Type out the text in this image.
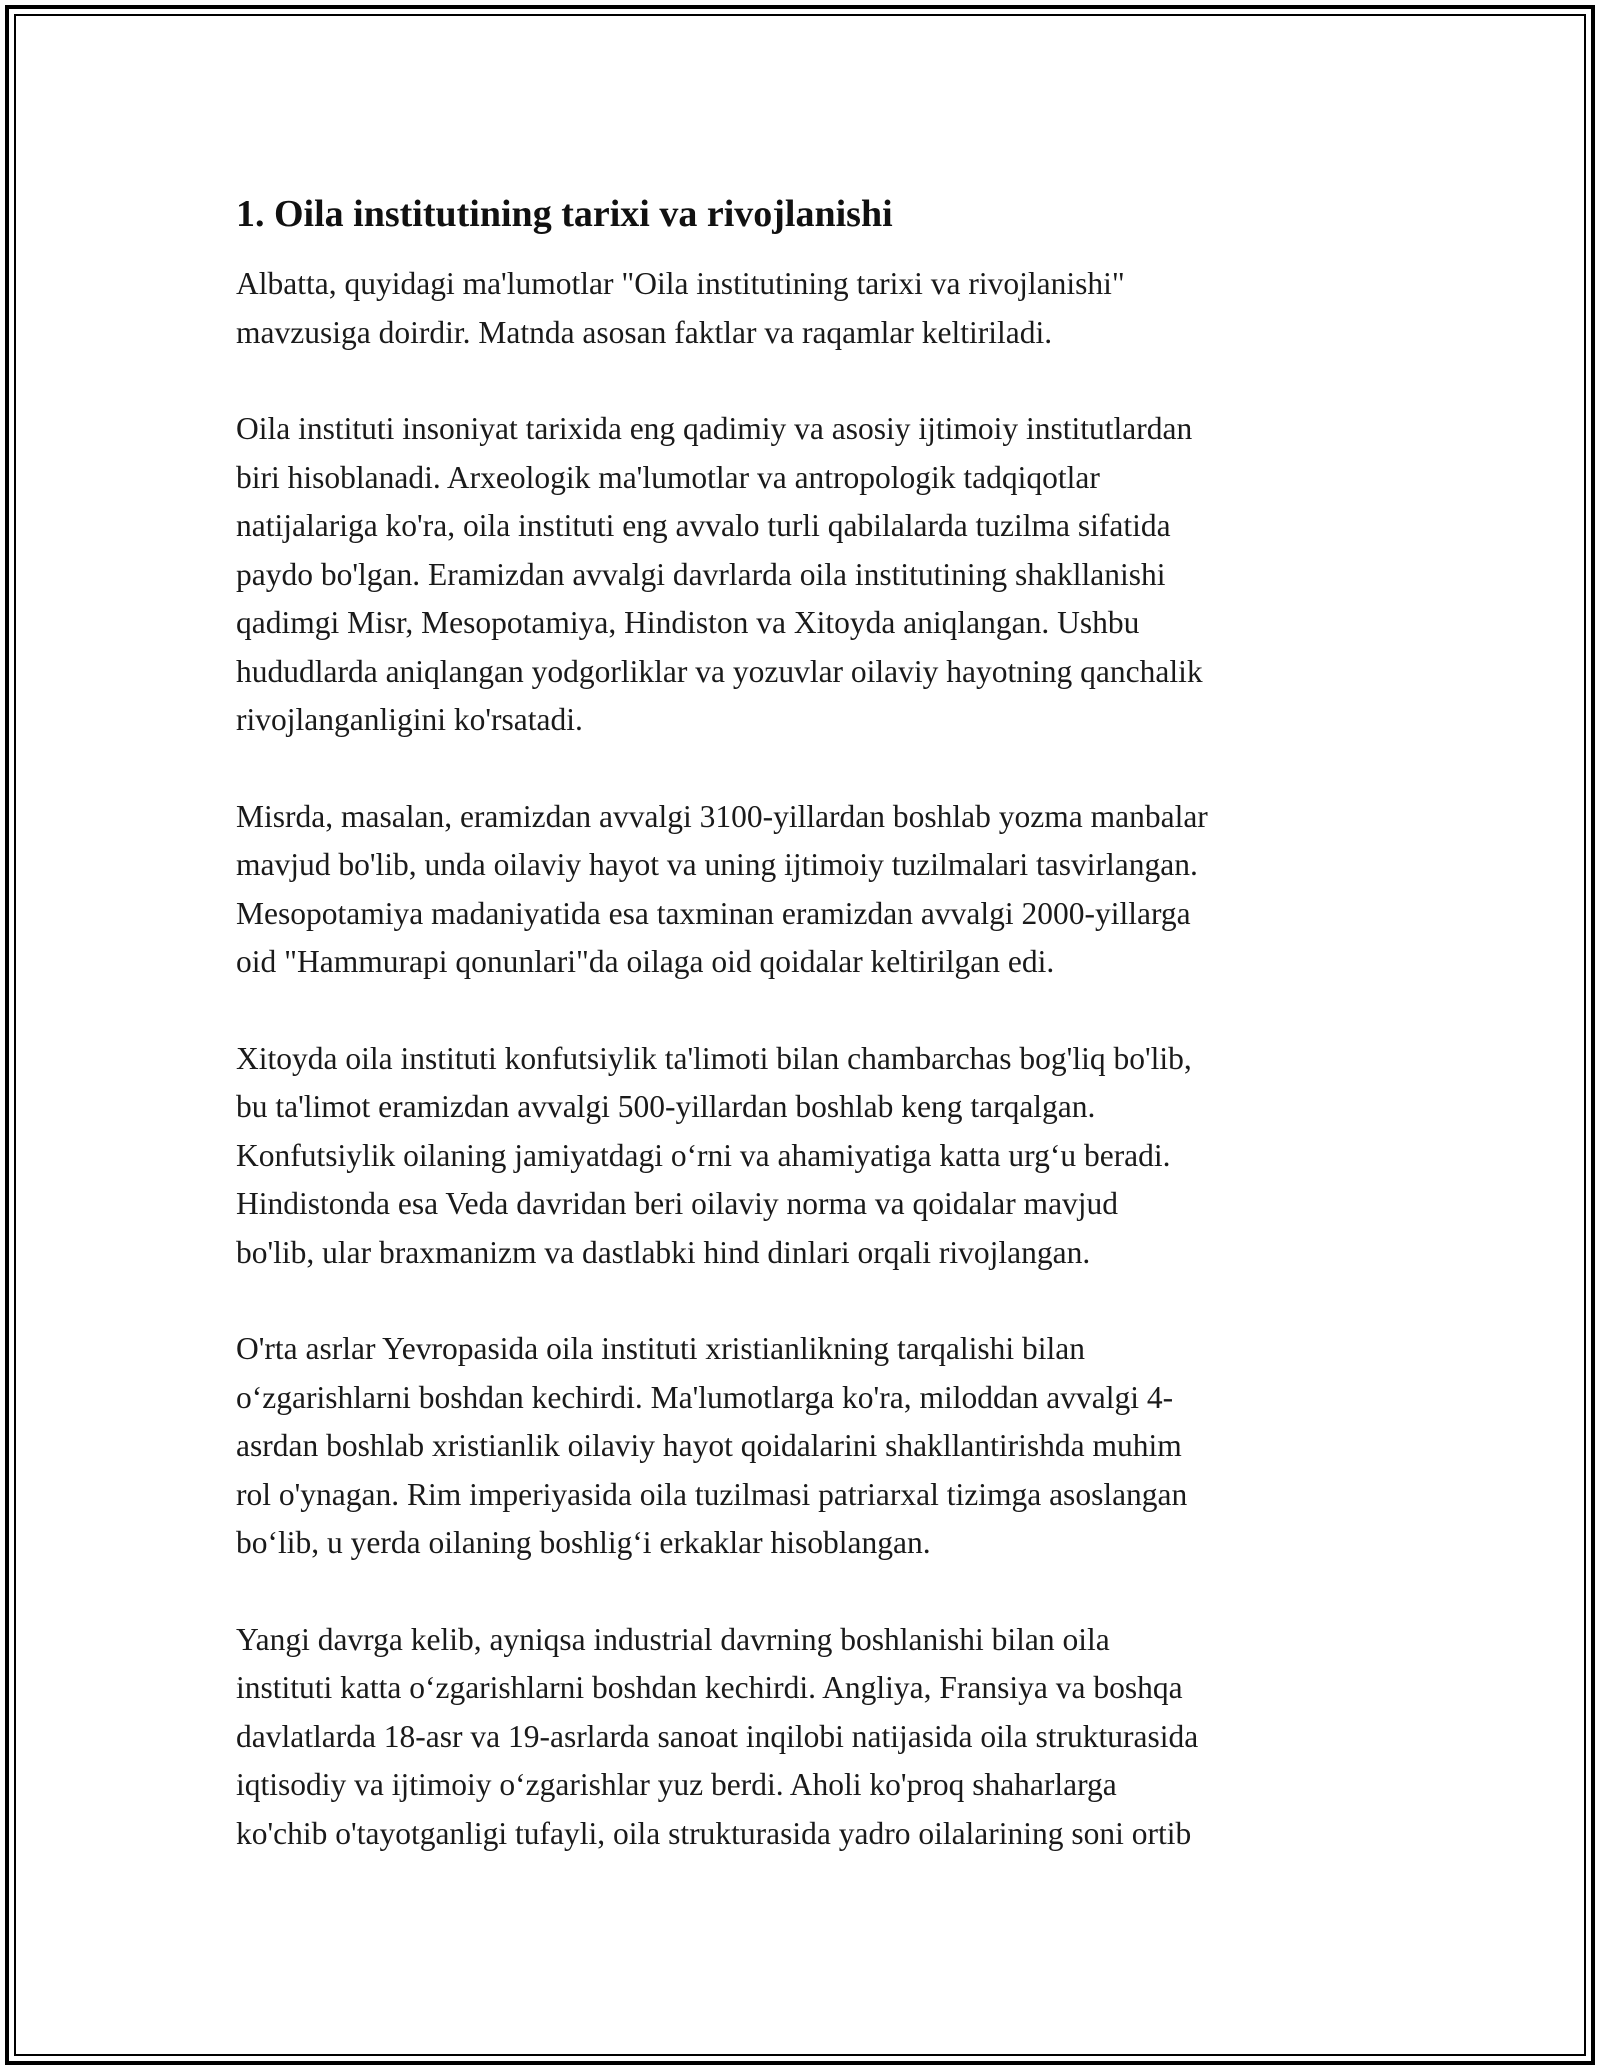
1. Oila institutining tarixi va rivojlanishi

Albatta, quyidagi ma'lumotlar "Oila institutining tarixi va rivojlanishi"
mavzusiga doirdir. Matnda asosan faktlar va raqamlar keltiriladi.

Oila instituti insoniyat tarixida eng qadimiy va asosiy ijtimoiy institutlardan
biri hisoblanadi. Arxeologik ma'lumotlar va antropologik tadqiqotlar
natijalariga ko'ra, oila instituti eng avvalo turli qabilalarda tuzilma sifatida
paydo bo'lgan. Eramizdan avvalgi davrlarda oila institutining shakllanishi
qadimgi Misr, Mesopotamiya, Hindiston va Xitoyda aniqlangan. Ushbu
hududlarda aniqlangan yodgorliklar va yozuvlar oilaviy hayotning qanchalik
rivojlanganligini ko'rsatadi.

Misrda, masalan, eramizdan avvalgi 3100-yillardan boshlab yozma manbalar
mavjud bo'lib, unda oilaviy hayot va uning ijtimoiy tuzilmalari tasvirlangan.
Mesopotamiya madaniyatida esa taxminan eramizdan avvalgi 2000-yillarga
oid "Hammurapi qonunlari"da oilaga oid qoidalar keltirilgan edi.

Xitoyda oila instituti konfutsiylik ta'limoti bilan chambarchas bog'liq bo'lib,
bu ta'limot eramizdan avvalgi 500-yillardan boshlab keng tarqalgan.
Konfutsiylik oilaning jamiyatdagi o‘rni va ahamiyatiga katta urg‘u beradi.
Hindistonda esa Veda davridan beri oilaviy norma va qoidalar mavjud
bo'lib, ular braxmanizm va dastlabki hind dinlari orqali rivojlangan.

O'rta asrlar Yevropasida oila instituti xristianlikning tarqalishi bilan
o‘zgarishlarni boshdan kechirdi. Ma'lumotlarga ko'ra, miloddan avvalgi 4-
asrdan boshlab xristianlik oilaviy hayot qoidalarini shakllantirishda muhim
rol o'ynagan. Rim imperiyasida oila tuzilmasi patriarxal tizimga asoslangan
bo‘lib, u yerda oilaning boshlig‘i erkaklar hisoblangan.

Yangi davrga kelib, ayniqsa industrial davrning boshlanishi bilan oila
instituti katta o‘zgarishlarni boshdan kechirdi. Angliya, Fransiya va boshqa
davlatlarda 18-asr va 19-asrlarda sanoat inqilobi natijasida oila strukturasida
iqtisodiy va ijtimoiy o‘zgarishlar yuz berdi. Aholi ko'proq shaharlarga
ko'chib o'tayotganligi tufayli, oila strukturasida yadro oilalarining soni ortib
